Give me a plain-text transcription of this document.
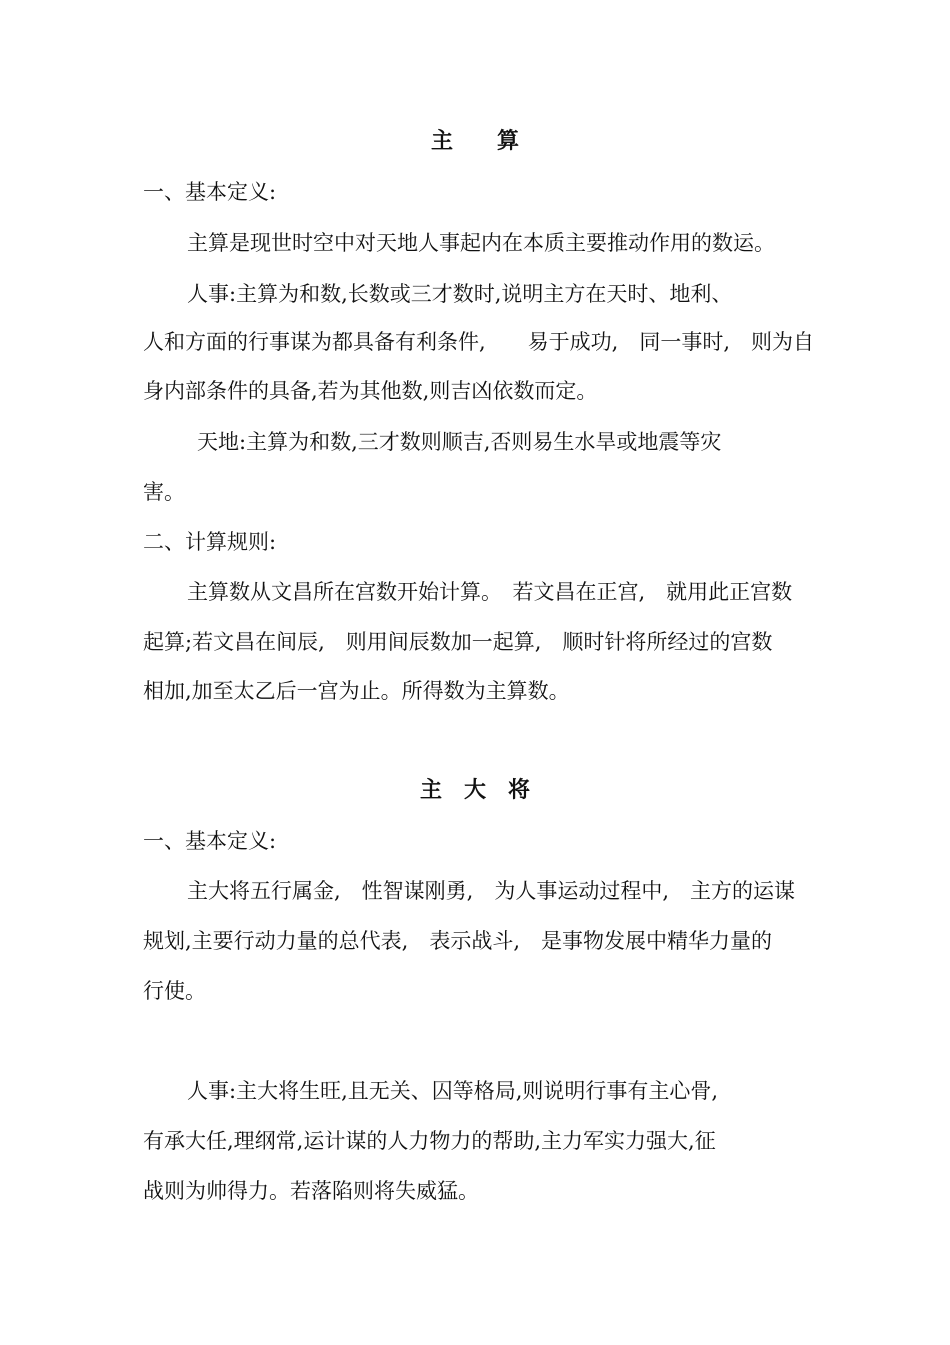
主　　算

一、基本定义:

主算是现世时空中对天地人事起内在本质主要推动作用的数运。

人事:主算为和数,长数或三才数时,说明主方在天时、地利、

人和方面的行事谋为都具备有利条件,　　易于成功,　同一事时,　则为自

身内部条件的具备,若为其他数,则吉凶依数而定。

天地:主算为和数,三才数则顺吉,否则易生水旱或地震等灾

害。

二、计算规则:

主算数从文昌所在宫数开始计算。　若文昌在正宫,　就用此正宫数

起算;若文昌在间辰,　则用间辰数加一起算,　顺时针将所经过的宫数

相加,加至太乙后一宫为止。所得数为主算数。

主　大　将

一、基本定义:

主大将五行属金,　性智谋刚勇,　为人事运动过程中,　主方的运谋

规划,主要行动力量的总代表,　表示战斗,　是事物发展中精华力量的

行使。

人事:主大将生旺,且无关、囚等格局,则说明行事有主心骨,

有承大任,理纲常,运计谋的人力物力的帮助,主力军实力强大,征

战则为帅得力。若落陷则将失威猛。
